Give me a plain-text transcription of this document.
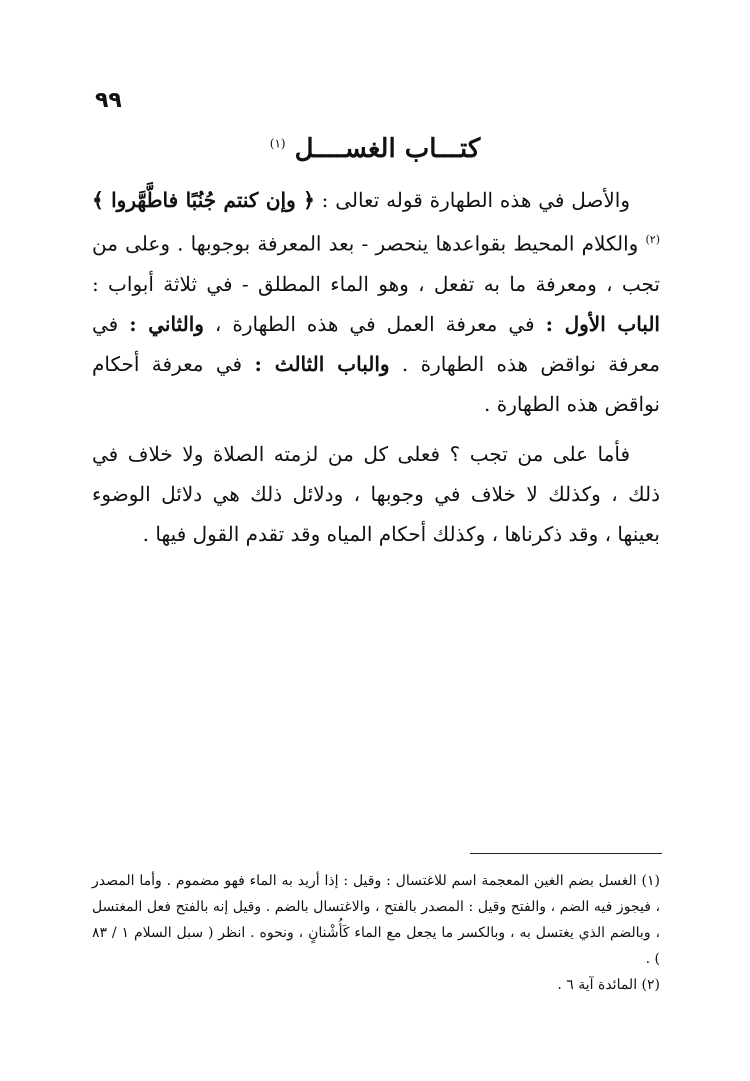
٩٩
كتـــاب الغســــل $^{(١)}$

والأصل في هذه الطهارة قوله تعالى : ﴿ وإن كنتم جُنُبًا فاطَّهَّروا ﴾$^{(٢)}$ والكلام المحيط بقواعدها ينحصر - بعد المعرفة بوجوبها . وعلى من تجب ، ومعرفة ما به تفعل ، وهو الماء المطلق - في ثلاثة أبواب : الباب الأول : في معرفة العمل في هذه الطهارة ، والثاني : في معرفة نواقض هذه الطهارة . والباب الثالث : في معرفة أحكام نواقض هذه الطهارة .

فأما على من تجب ؟ فعلى كل من لزمته الصلاة ولا خلاف في ذلك ، وكذلك لا خلاف في وجوبها ، ودلائل ذلك هي دلائل الوضوء بعينها ، وقد ذكرناها ، وكذلك أحكام المياه وقد تقدم القول فيها .

(١) الغسل بضم الغين المعجمة اسم للاغتسال : وقيل : إذا أريد به الماء فهو مضموم . وأما المصدر ، فيجوز فيه الضم ، والفتح وقيل : المصدر بالفتح ، والاغتسال بالضم . وقيل إنه بالفتح فعل المغتسل ، وبالضم الذي يغتسل به ، وبالكسر ما يجعل مع الماء كَأُشْنانٍ ، ونحوه . انظر ( سبل السلام ١ / ٨٣ ) .

(٢) المائدة آية ٦ .
